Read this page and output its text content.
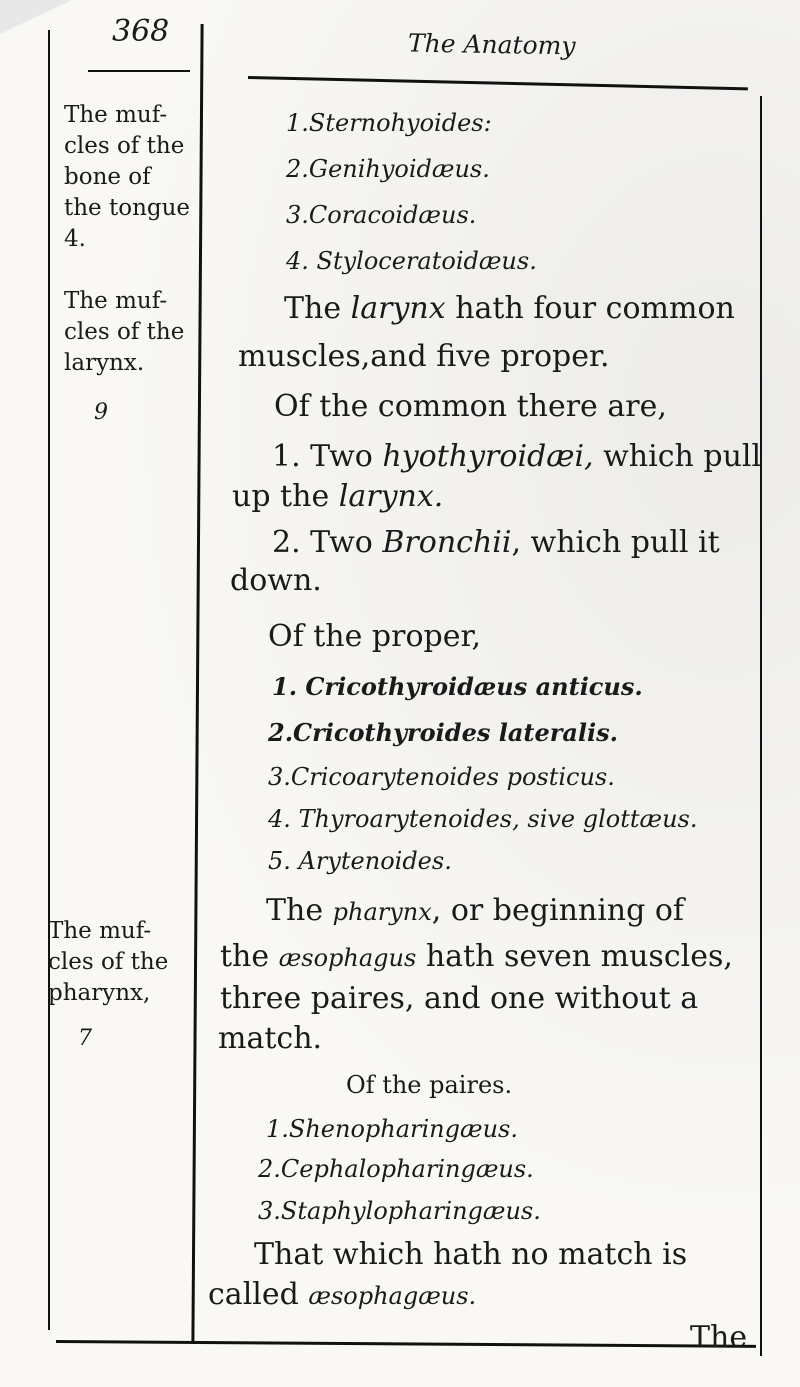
368	The Anatomy
The muf-
cles of the
bone of
the tongue
4.
The muf-
cles of the
larynx.
9
The muf-
cles of the
pharynx,
7
1.Sternohyoides:
2.Genihyoidæus.
3.Coracoidæus.
4. Styloceratoidæus.
The larynx hath four common
muscles,and five proper.
Of the common there are,
1. Two hyothyroidæi, which pull
up the larynx.
2. Two Bronchii, which pull it
down.
Of the proper,
1. Cricothyroidæus anticus.
2.Cricothyroides lateralis.
3.Cricoarytenoides posticus.
4. Thyroarytenoides, sive glottæus.
5. Arytenoides.
The pharynx, or beginning of
the æsophagus hath seven muscles,
three paires, and one without a
match.
Of the paires.
1.Shenopharingæus.
2.Cephalopharingæus.
3.Staphylopharingæus.
That which hath no match is
called æsophagæus.
The
